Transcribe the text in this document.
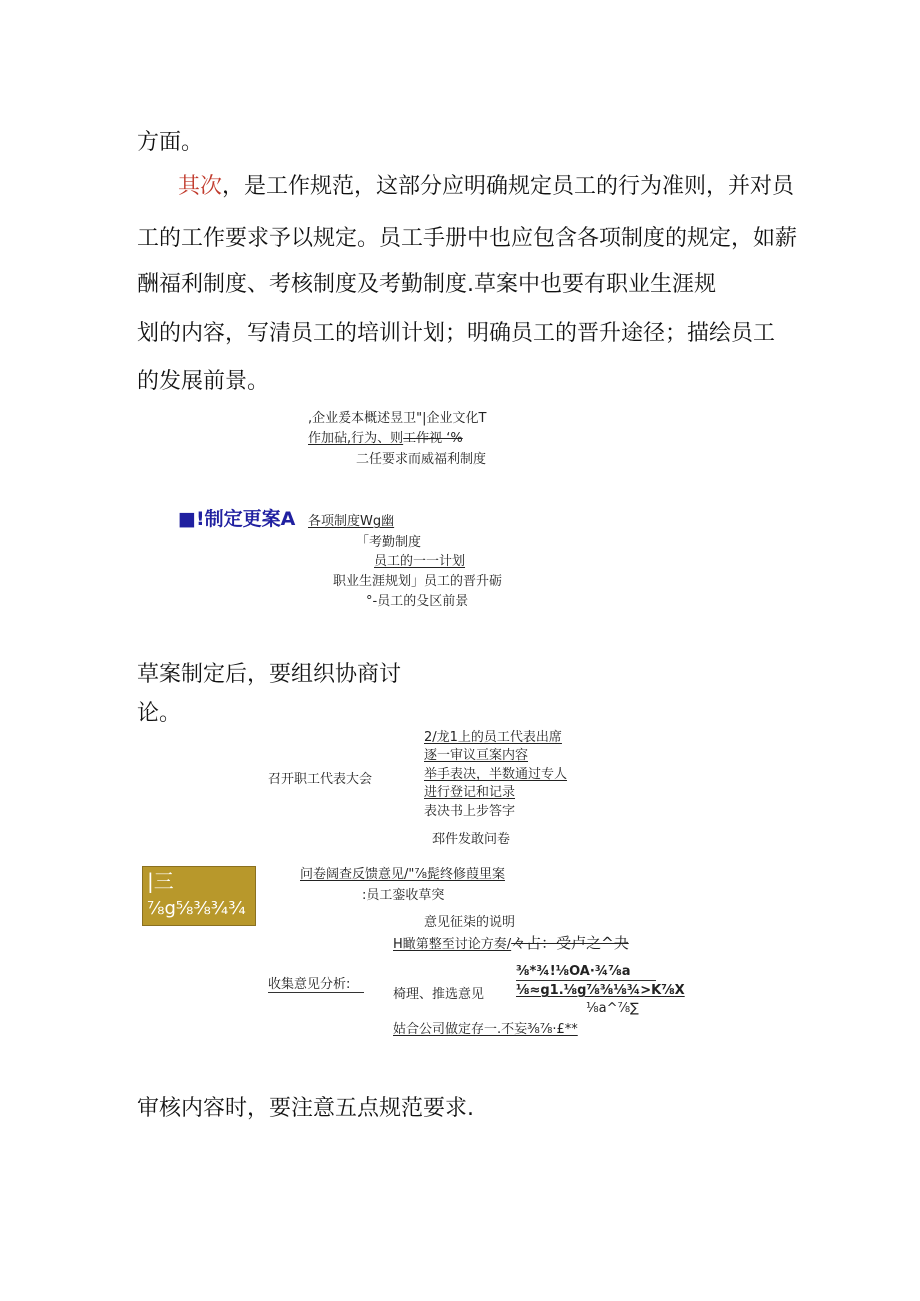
方面。
其次，是工作规范，这部分应明确规定员工的行为准则，并对员
工的工作要求予以规定。员工手册中也应包含各项制度的规定，如薪
酬福利制度、考核制度及考勤制度.草案中也要有职业生涯规
划的内容，写清员工的培训计划；明确员工的晋升途径；描绘员工
的发展前景。
,企业爰本概述昱卫"|企业文化T
作加砧,行为、则工作视 ‘%
二任要求而威福利制度
■!制定更案A 各项制度Wg幽
「考勤制度
员工的一一计划
职业生涯规划」员工的晋升砺
°-员工的殳区前景
草案制定后，要组织协商讨
论。
召开职工代表大会
2/龙1上的员工代表出席
逐一审议亘案内容
举手表决，半数通过专人
进行登记和记录
表决书上步答字
邳件发敢问卷
|三
⅞g⅝⅜¾¾
问卷阔查反馈意见/"⅞髭终修葭里案
:员工銮收草突
意见征柒的说明
H瞰第整至讨论方奏/々占：受卢之^夬
收集意见分析:
椅理、推选意见
⅜*¾!⅛OA·¾⅞a
⅛≈g1.⅛g⅞⅜⅛¾>K⅞X
⅛a^⅞∑
姑合公司做定存一.不妄⅜⅞·£**
审核内容时，要注意五点规范要求.
